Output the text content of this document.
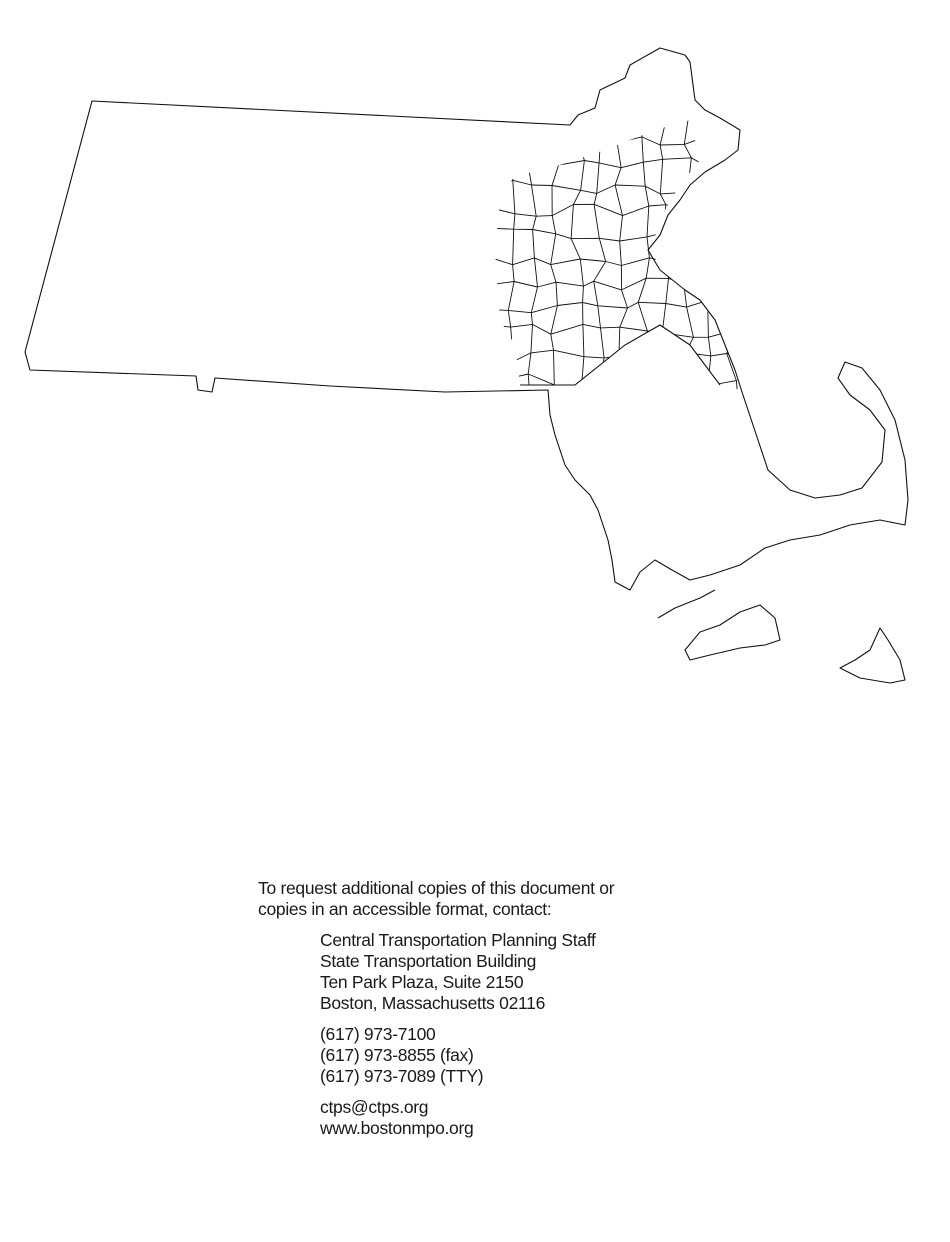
To request additional copies of this document or

copies in an accessible format, contact:

Central Transportation Planning Staff

State Transportation Building

Ten Park Plaza, Suite 2150

Boston, Massachusetts 02116

(617) 973-7100

(617) 973-8855 (fax)

(617) 973-7089 (TTY)

ctps@ctps.org

www.bostonmpo.org
